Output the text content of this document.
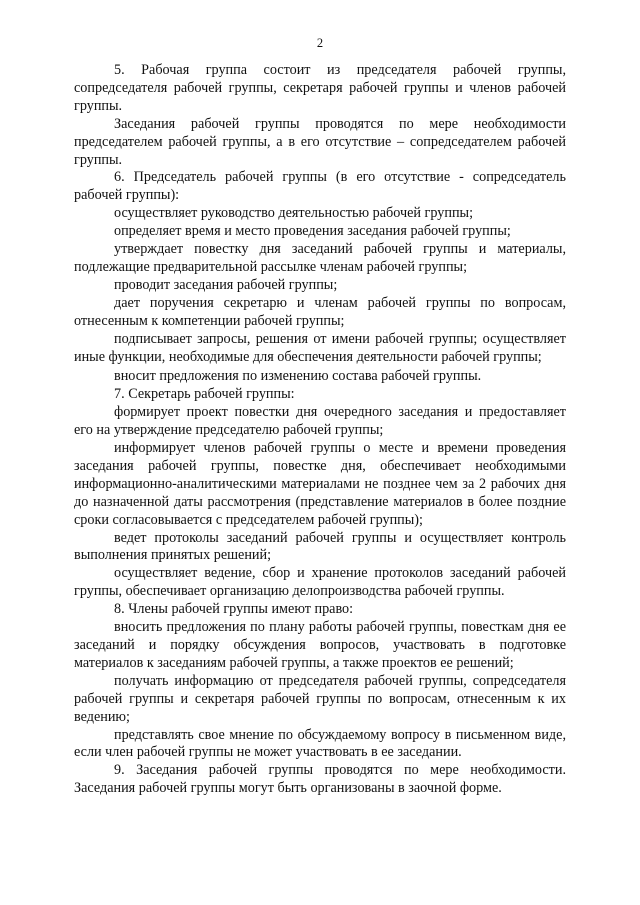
2

5. Рабочая группа состоит из председателя рабочей группы, сопредседателя рабочей группы, секретаря рабочей группы и членов рабочей группы.

Заседания рабочей группы проводятся по мере необходимости председателем рабочей группы, а в его отсутствие – сопредседателем рабочей группы.

6. Председатель рабочей группы (в его отсутствие - сопредседатель рабочей группы):

осуществляет руководство деятельностью рабочей группы;

определяет время и место проведения заседания рабочей группы;

утверждает повестку дня заседаний рабочей группы и материалы, подлежащие предварительной рассылке членам рабочей группы;

проводит заседания рабочей группы;

дает поручения секретарю и членам рабочей группы по вопросам, отнесенным к компетенции рабочей группы;

подписывает запросы, решения от имени рабочей группы; осуществляет иные функции, необходимые для обеспечения деятельности рабочей группы;

вносит предложения по изменению состава рабочей группы.

7. Секретарь рабочей группы:

формирует проект повестки дня очередного заседания и предоставляет его на утверждение председателю рабочей группы;

информирует членов рабочей группы о месте и времени проведения заседания рабочей группы, повестке дня, обеспечивает необходимыми информационно-аналитическими материалами не позднее чем за 2 рабочих дня до назначенной даты рассмотрения (представление материалов в более поздние сроки согласовывается с председателем рабочей группы);

ведет протоколы заседаний рабочей группы и осуществляет контроль выполнения принятых решений;

осуществляет ведение, сбор и хранение протоколов заседаний рабочей группы, обеспечивает организацию делопроизводства рабочей группы.

8. Члены рабочей группы имеют право:

вносить предложения по плану работы рабочей группы, повесткам дня ее заседаний и порядку обсуждения вопросов, участвовать в подготовке материалов к заседаниям рабочей группы, а также проектов ее решений;

получать информацию от председателя рабочей группы, сопредседателя рабочей группы и секретаря рабочей группы по вопросам, отнесенным к их ведению;

представлять свое мнение по обсуждаемому вопросу в письменном виде, если член рабочей группы не может участвовать в ее заседании.

9. Заседания рабочей группы проводятся по мере необходимости. Заседания рабочей группы могут быть организованы в заочной форме.
